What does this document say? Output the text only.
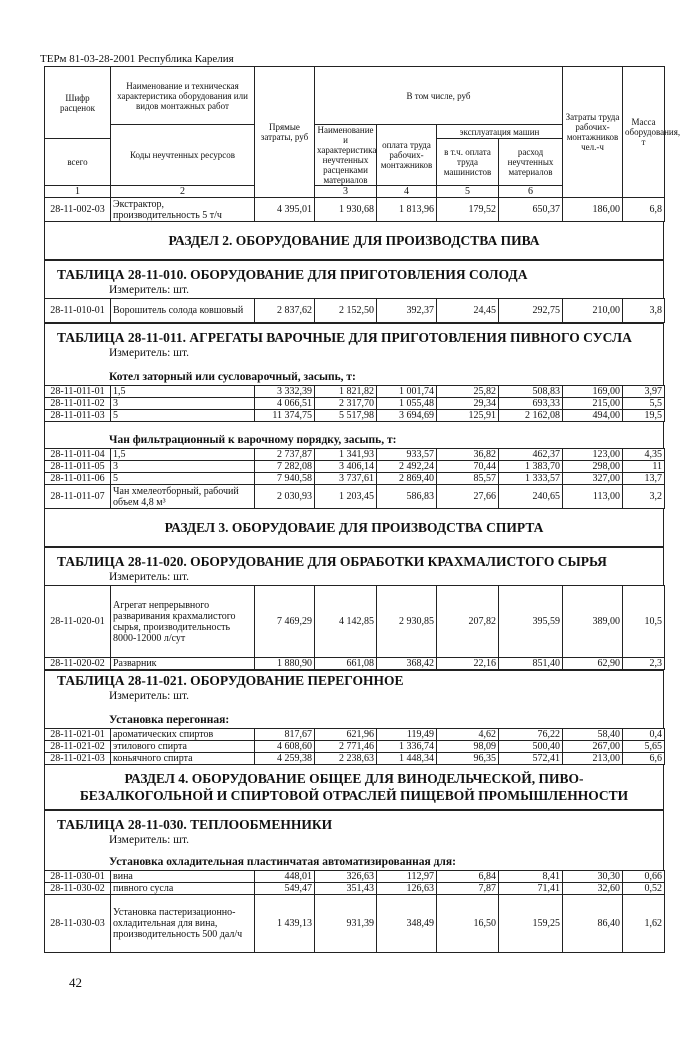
ТЕРм 81-03-28-2001 Республика Карелия
Шифр расценок	Наименование и техническая характеристика оборудования или видов монтажных работ	Прямые затраты, руб	В том числе, руб				Затраты труда рабочих-монтажников чел.-ч	Масса оборудования, т	
	Коды неучтенных ресурсов		Наименование и характеристика неучтенных расценками материалов	оплата труда рабочих-монтажников	эксплуатация машин	
всего					в т.ч. оплата труда машинистов	расход неучтенных материалов			
1	2		3	4	5	6			
28-11-002-03	Экстрактор, производительность 5 т/ч	4 395,01	1 930,68	1 813,96	179,52	650,37	186,00	6,8	
РАЗДЕЛ 2. ОБОРУДОВАНИЕ ДЛЯ ПРОИЗВОДСТВА ПИВА
ТАБЛИЦА 28-11-010. ОБОРУДОВАНИЕ ДЛЯ ПРИГОТОВЛЕНИЯ СОЛОДА
Измеритель: шт.
28-11-010-01	Ворошитель солода ковшовый	2 837,62	2 152,50	392,37	24,45	292,75	210,00	3,8
ТАБЛИЦА 28-11-011. АГРЕГАТЫ ВАРОЧНЫЕ ДЛЯ ПРИГОТОВЛЕНИЯ ПИВНОГО СУСЛА
Измеритель: шт.
Котел заторный или сусловарочный, засыпь, т:
28-11-011-01	1,5	3 332,39	1 821,82	1 001,74	25,82	508,83	169,00	3,97
28-11-011-02	3	4 066,51	2 317,70	1 055,48	29,34	693,33	215,00	5,5
28-11-011-03	5	11 374,75	5 517,98	3 694,69	125,91	2 162,08	494,00	19,5
Чан фильтрационный к варочному порядку, засыпь, т:
28-11-011-04	1,5	2 737,87	1 341,93	933,57	36,82	462,37	123,00	4,35
28-11-011-05	3	7 282,08	3 406,14	2 492,24	70,44	1 383,70	298,00	11
28-11-011-06	5	7 940,58	3 737,61	2 869,40	85,57	1 333,57	327,00	13,7
28-11-011-07	Чан хмелеотборный, рабочий объем 4,8 м³	2 030,93	1 203,45	586,83	27,66	240,65	113,00	3,2
РАЗДЕЛ 3. ОБОРУДОВАИЕ ДЛЯ ПРОИЗВОДСТВА СПИРТА
ТАБЛИЦА 28-11-020. ОБОРУДОВАНИЕ ДЛЯ ОБРАБОТКИ КРАХМАЛИСТОГО СЫРЬЯ
Измеритель: шт.
28-11-020-01	Агрегат непрерывного разваривания крахмалистого сырья, производительность 8000-12000 л/сут	7 469,29	4 142,85	2 930,85	207,82	395,59	389,00	10,5
28-11-020-02	Разварник	1 880,90	661,08	368,42	22,16	851,40	62,90	2,3
ТАБЛИЦА 28-11-021. ОБОРУДОВАНИЕ ПЕРЕГОННОЕ
Измеритель: шт.
Установка перегонная:
28-11-021-01	ароматических спиртов	817,67	621,96	119,49	4,62	76,22	58,40	0,4
28-11-021-02	этилового спирта	4 608,60	2 771,46	1 336,74	98,09	500,40	267,00	5,65
28-11-021-03	коньячного спирта	4 259,38	2 238,63	1 448,34	96,35	572,41	213,00	6,6
РАЗДЕЛ 4. ОБОРУДОВАНИЕ ОБЩЕЕ ДЛЯ ВИНОДЕЛЬЧЕСКОЙ, ПИВО-БЕЗАЛКОГОЛЬНОЙ И СПИРТОВОЙ ОТРАСЛЕЙ ПИЩЕВОЙ ПРОМЫШЛЕННОСТИ
ТАБЛИЦА 28-11-030. ТЕПЛООБМЕННИКИ
Измеритель: шт.
Установка охладительная пластинчатая автоматизированная для:
28-11-030-01	вина	448,01	326,63	112,97	6,84	8,41	30,30	0,66
28-11-030-02	пивного сусла	549,47	351,43	126,63	7,87	71,41	32,60	0,52
28-11-030-03	Установка пастеризационно-охладительная для вина, производительность 500 дал/ч	1 439,13	931,39	348,49	16,50	159,25	86,40	1,62
42
